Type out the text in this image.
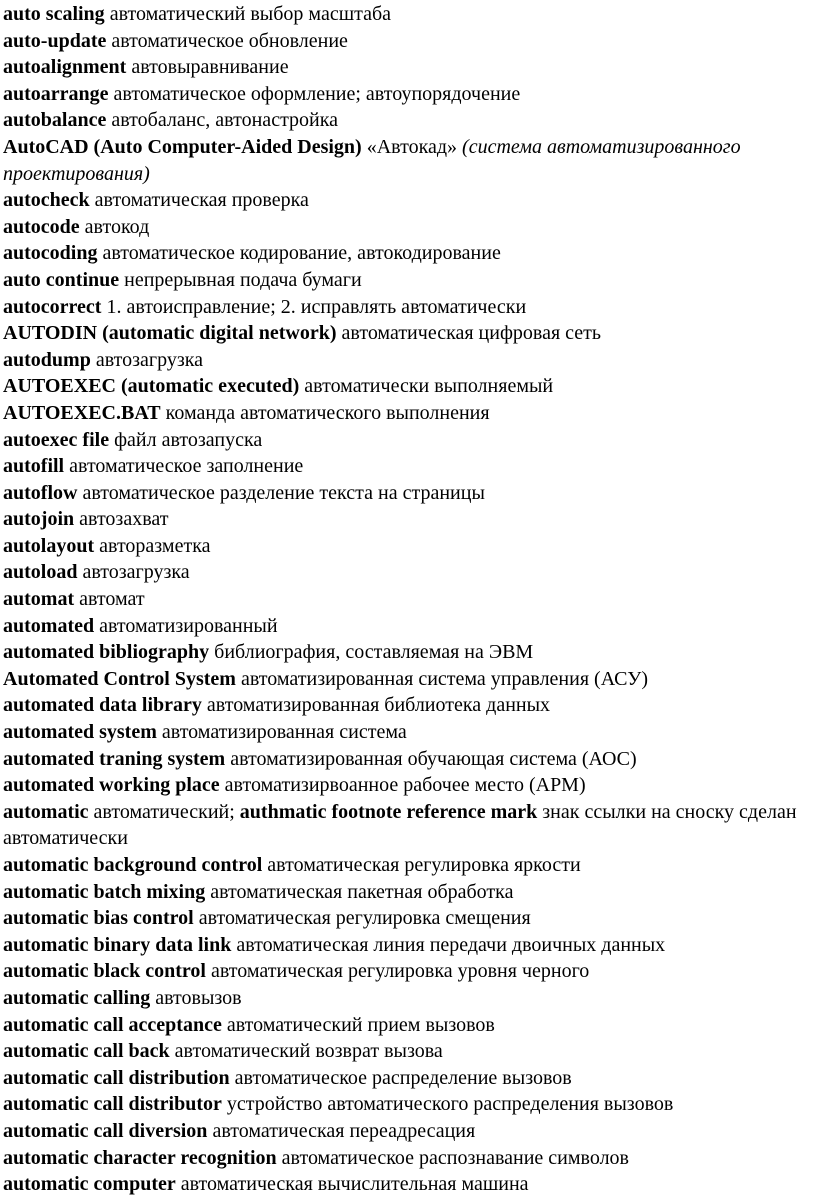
auto scaling автоматический выбор масштаба

auto-update автоматическое обновление

autoalignment автовыравнивание

autoarrange автоматическое оформление; автоупорядочение

autobalance автобаланс, автонастройка

AutoCAD (Auto Computer-Aided Design) «Автокад» (система автоматизированного проектирования)

autocheck автоматическая проверка

autocode автокод

autocoding автоматическое кодирование, автокодирование

auto continue непрерывная подача бумаги

autocorrect 1. автоисправление; 2. исправлять автоматически

AUTODIN (automatic digital network) автоматическая цифровая сеть

autodump автозагрузка

AUTOEXEC (automatic executed) автоматически выполняемый

AUTOEXEC.BAT команда автоматического выполнения

autoexec file файл автозапуска

autofill автоматическое заполнение

autoflow автоматическое разделение текста на страницы

autojoin автозахват

autolayout авторазметка

autoload автозагрузка

automat автомат

automated автоматизированный

automated bibliography библиография, составляемая на ЭВМ

Automated Control System автоматизированная система управления (АСУ)

automated data library автоматизированная библиотека данных

automated system автоматизированная система

automated traning system автоматизированная обучающая система (АОС)

automated working place автоматизирвоанное рабочее место (АРМ)

automatic автоматический; authmatic footnote reference mark знак ссылки на сноску сделан автоматически

automatic background control автоматическая регулировка яркости

automatic batch mixing автоматическая пакетная обработка

automatic bias control автоматическая регулировка смещения

automatic binary data link автоматическая линия передачи двоичных данных

automatic black control автоматическая регулировка уровня черного

automatic calling автовызов

automatic call acceptance автоматический прием вызовов

automatic call back автоматический возврат вызова

automatic call distribution автоматическое распределение вызовов

automatic call distributor устройство автоматического распределения вызовов

automatic call diversion автоматическая переадресация

automatic character recognition автоматическое распознавание символов

automatic computer автоматическая вычислительная машина
